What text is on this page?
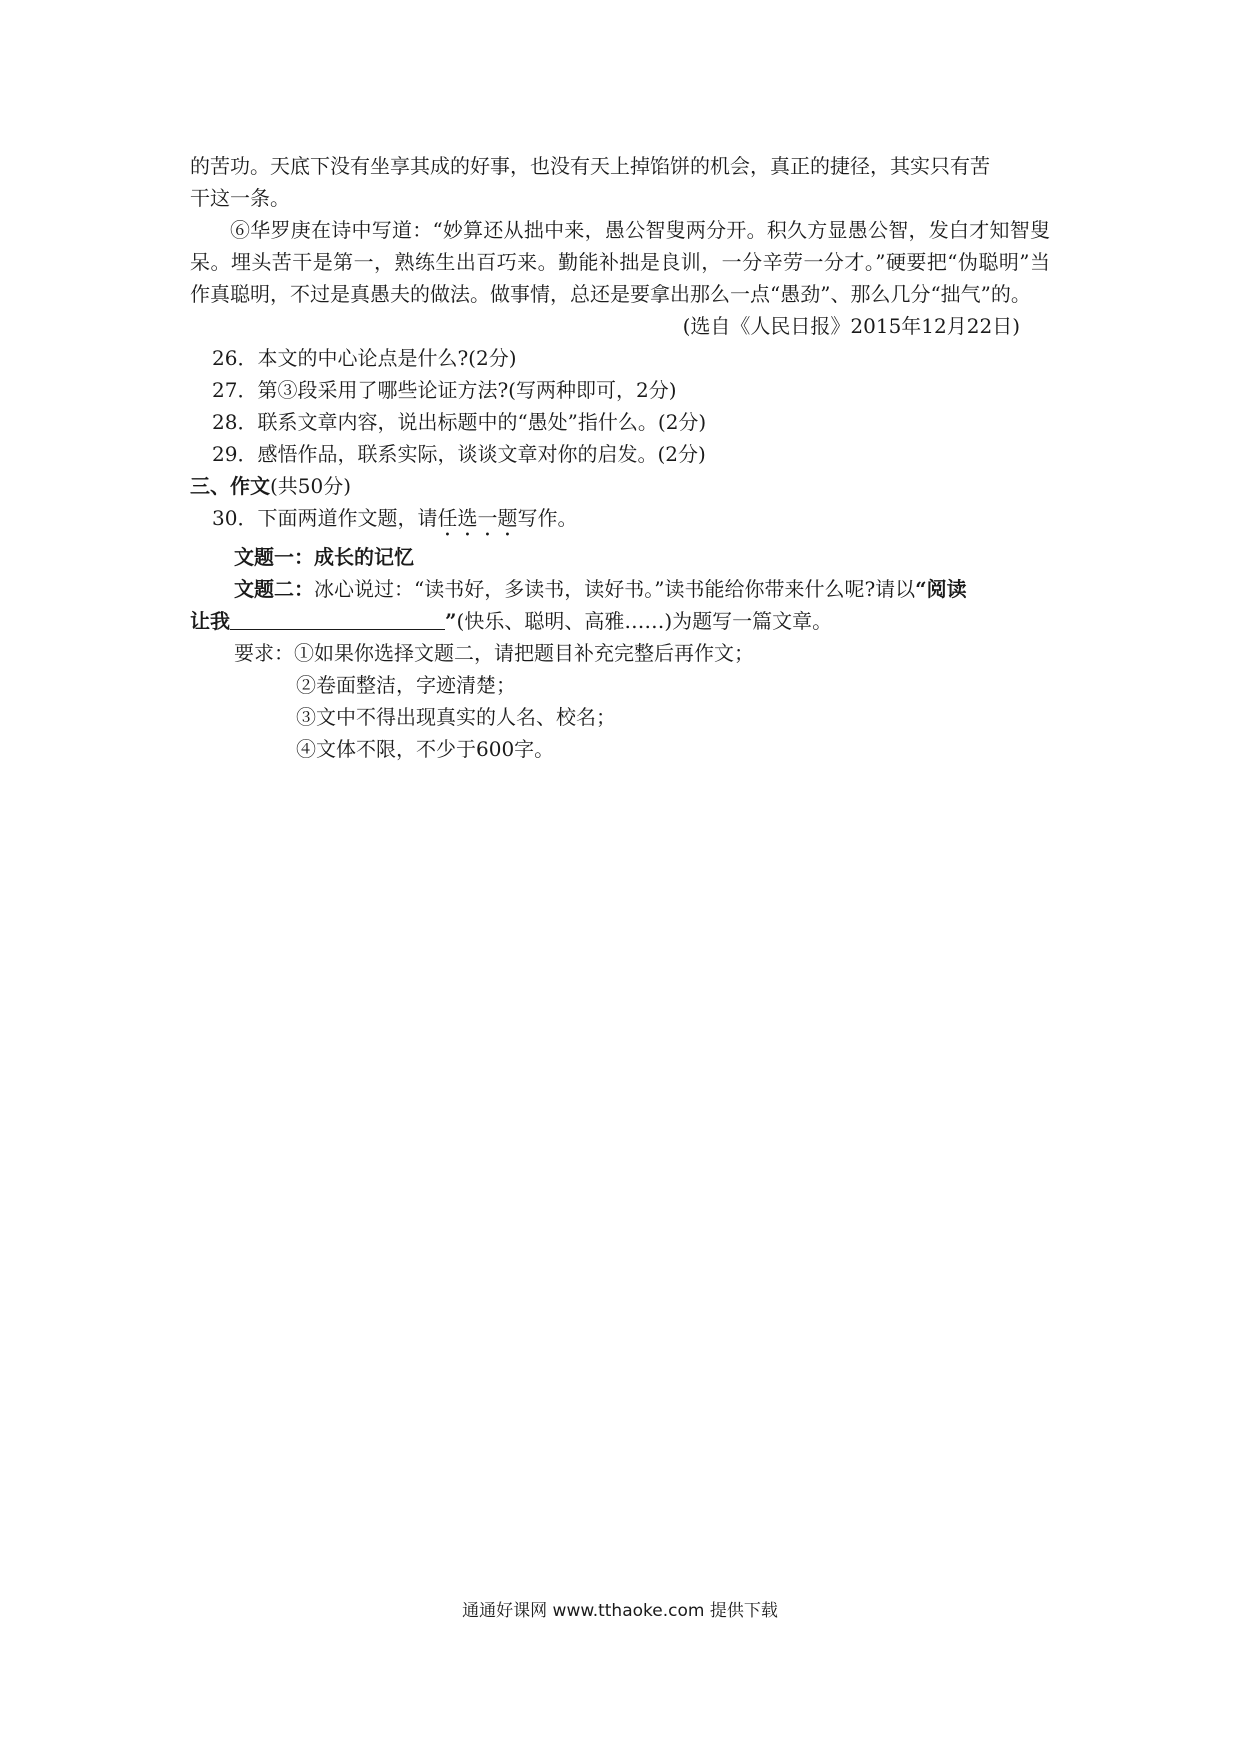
的苦功。天底下没有坐享其成的好事，也没有天上掉馅饼的机会，真正的捷径，其实只有苦
干这一条。
⑥华罗庚在诗中写道：“妙算还从拙中来，愚公智叟两分开。积久方显愚公智，发白才知智叟呆。埋头苦干是第一，熟练生出百巧来。勤能补拙是良训，一分辛劳一分才。”硬要把“伪聪明”当作真聪明，不过是真愚夫的做法。做事情，总还是要拿出那么一点“愚劲”、那么几分“拙气”的。
(选自《人民日报》2015年12月22日)
26．本文的中心论点是什么?(2分)
27．第③段采用了哪些论证方法?(写两种即可，2分)
28．联系文章内容，说出标题中的“愚处”指什么。(2分)
29．感悟作品，联系实际，谈谈文章对你的启发。(2分)
三、作文(共50分)
30．下面两道作文题，请任选一题写作。
文题一：成长的记忆
文题二：冰心说过：“读书好，多读书，读好书。”读书能给你带来什么呢?请以“阅读
让我	”(快乐、聪明、高雅……)为题写一篇文章。
要求：①如果你选择文题二，请把题目补充完整后再作文；
②卷面整洁，字迹清楚；
③文中不得出现真实的人名、校名；
④文体不限，不少于600字。
通通好课网 www.tthaoke.com 提供下载
